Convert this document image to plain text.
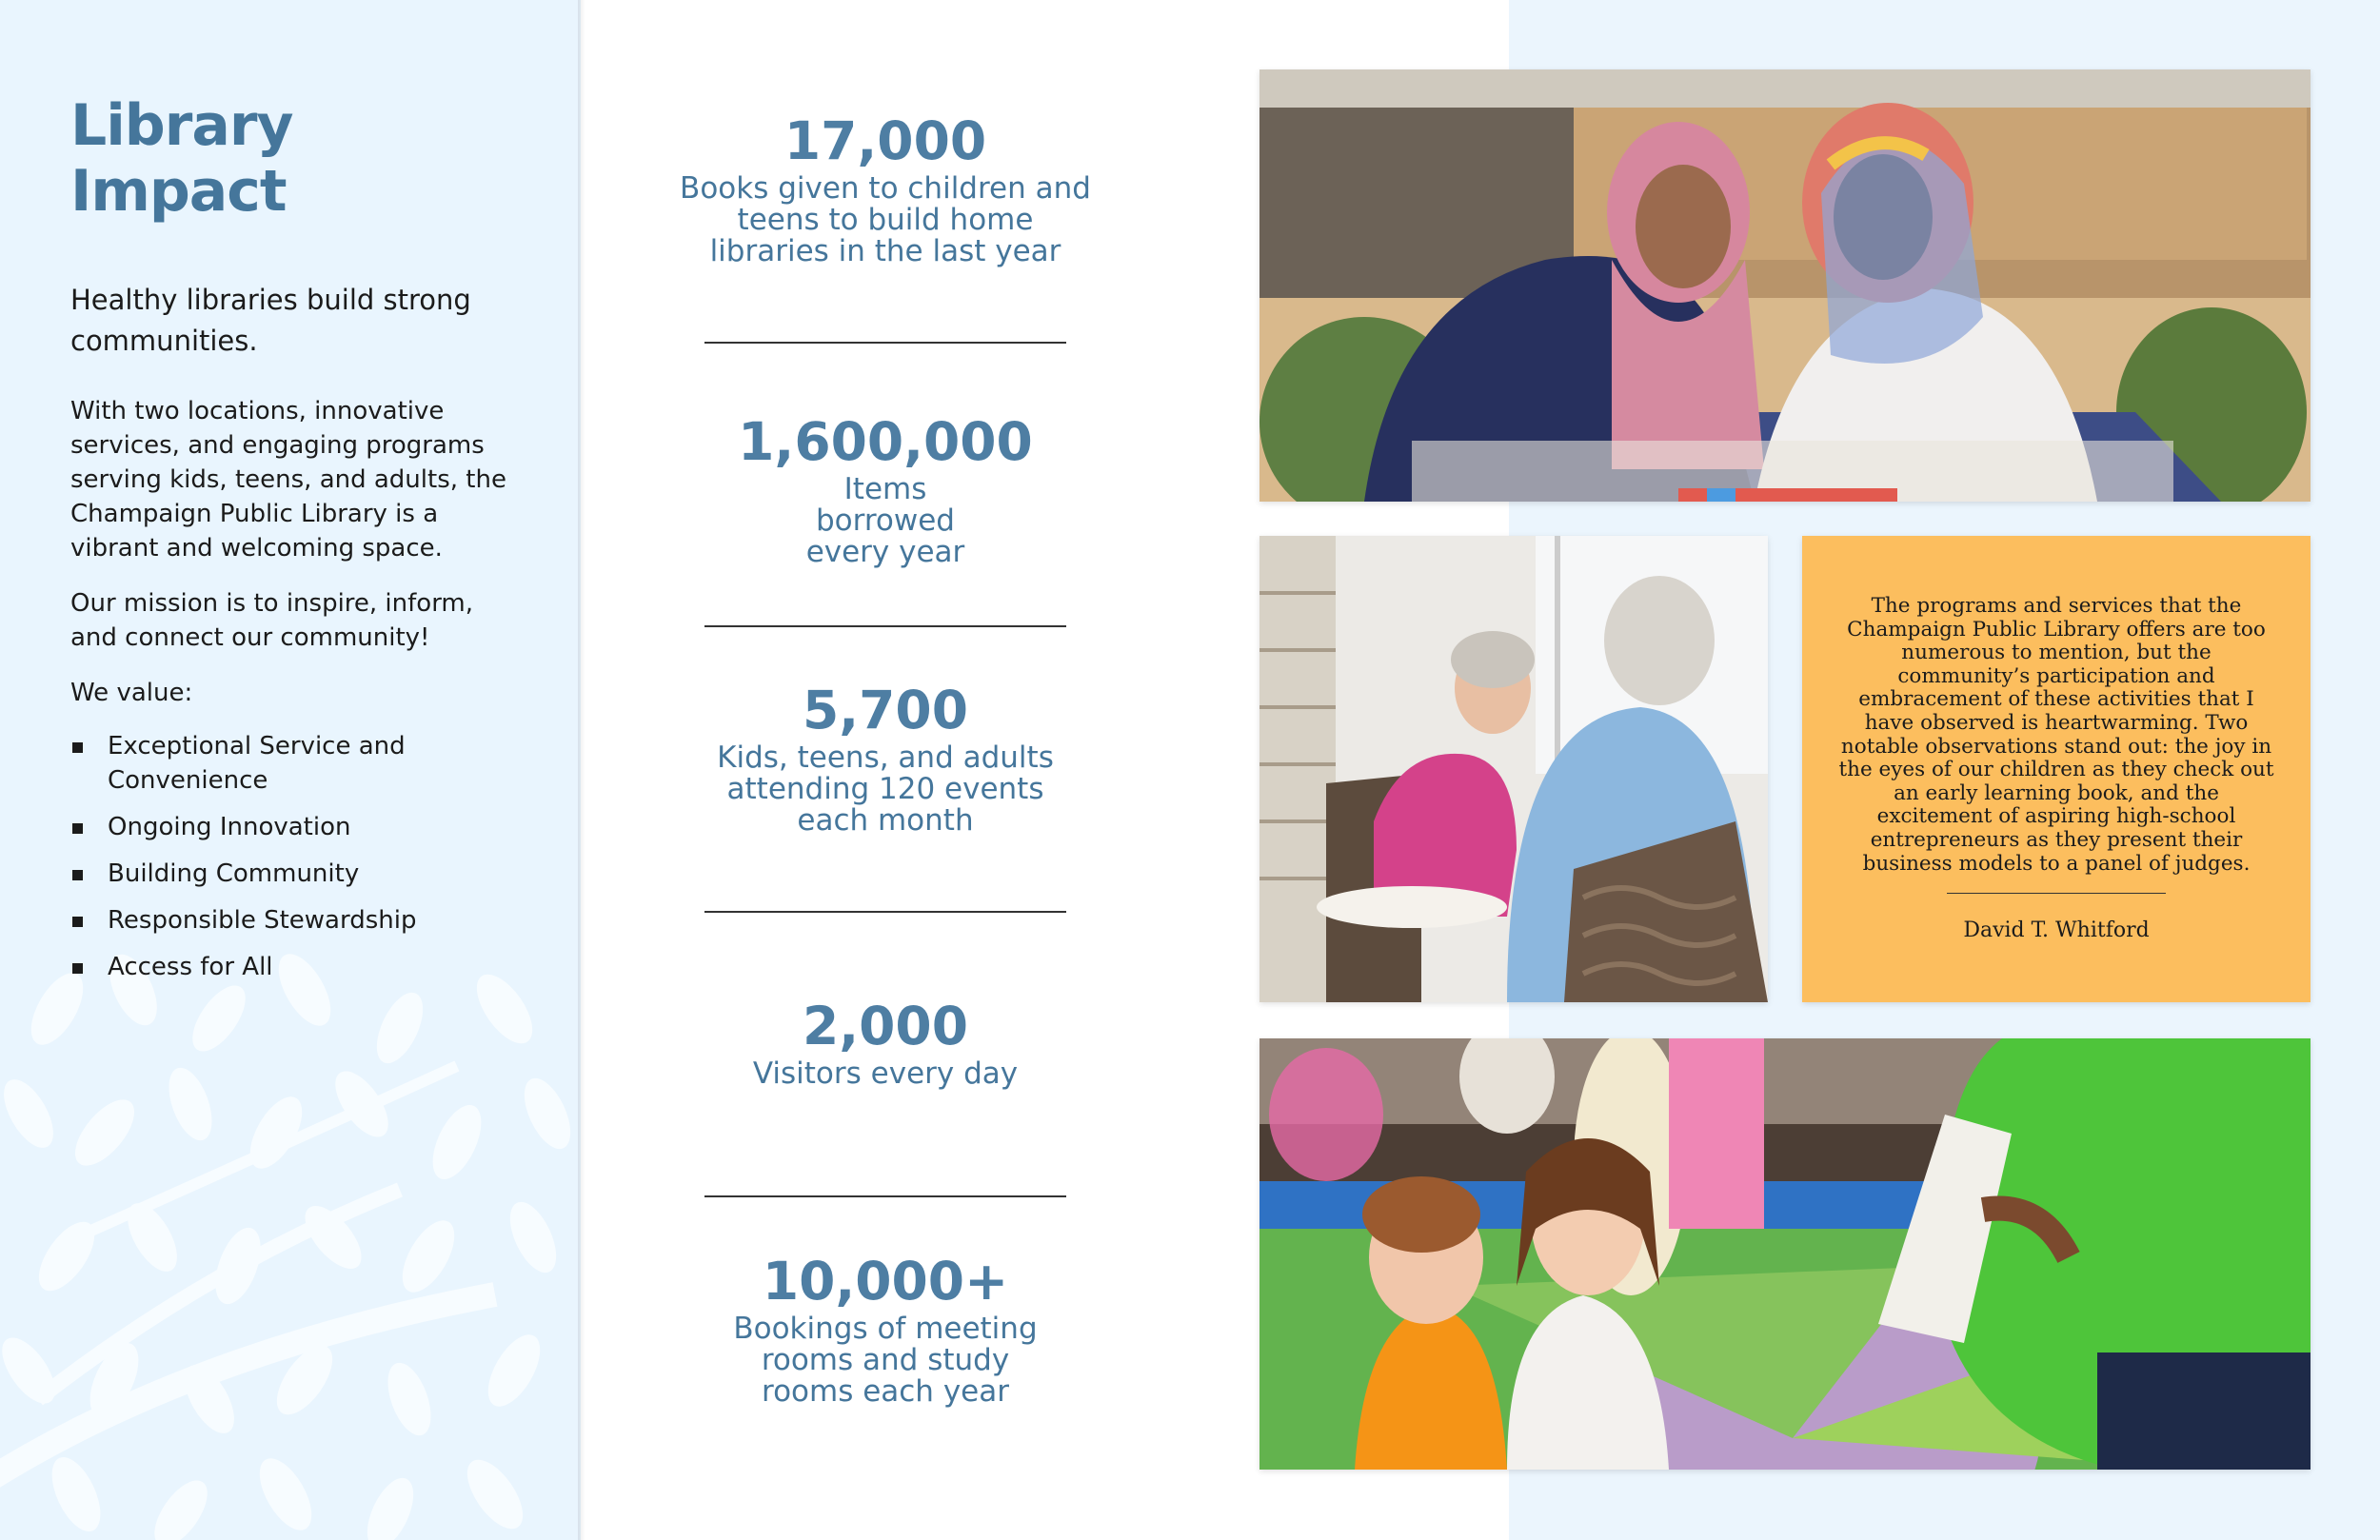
Library Impact

Healthy libraries build strong communities.

With two locations, innovative services, and engaging programs serving kids, teens, and adults, the Champaign Public Library is a vibrant and welcoming space.

Our mission is to inspire, inform, and connect our community!

We value:

Exceptional Service and Convenience
Ongoing Innovation
Building Community
Responsible Stewardship
Access for All
17,000
Books given to children and teens to build home libraries in the last year
1,600,000
Items borrowed every year
5,700
Kids, teens, and adults attending 120 events each month
2,000
Visitors every day
10,000+
Bookings of meeting rooms and study rooms each year

The programs and services that the Champaign Public Library offers are too numerous to mention, but the community’s participation and embracement of these activities that I have observed is heartwarming. Two notable observations stand out: the joy in the eyes of our children as they check out an early learning book, and the excitement of aspiring high-school entrepreneurs as they present their business models to a panel of judges.

David T. Whitford
